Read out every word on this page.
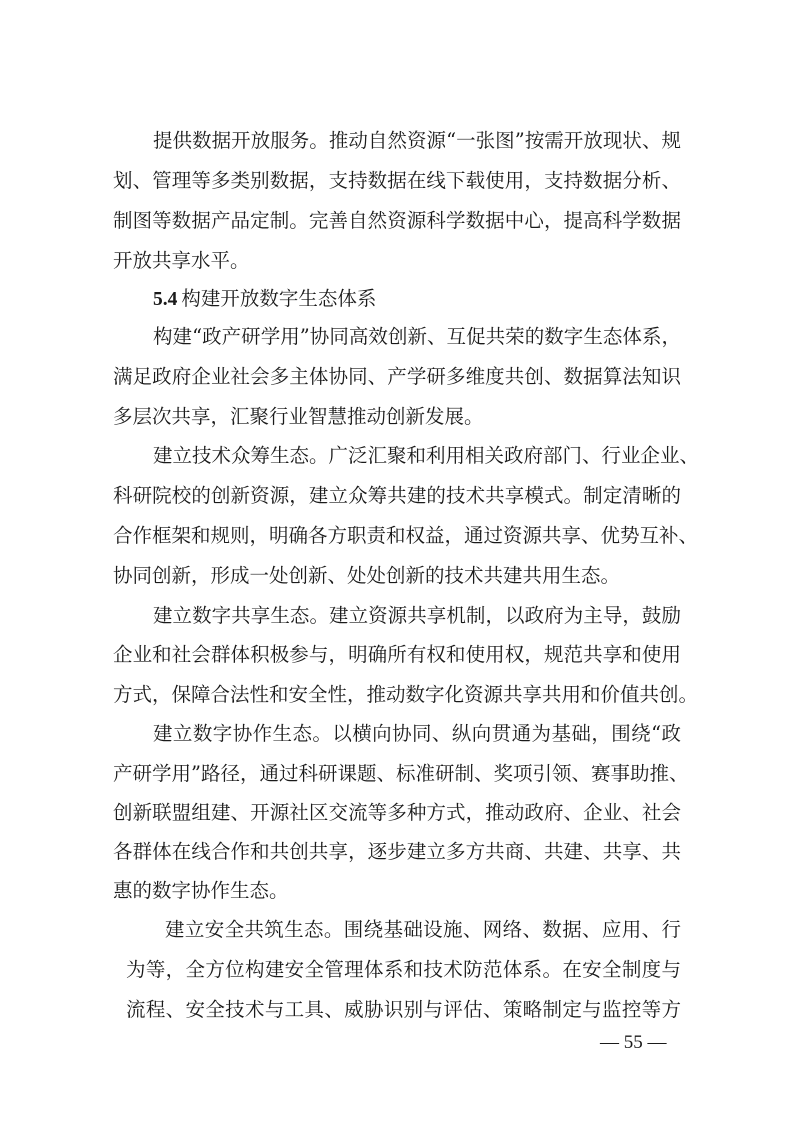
提供数据开放服务。推动自然资源“一张图”按需开放现状、规
划、管理等多类别数据，支持数据在线下载使用，支持数据分析、
制图等数据产品定制。完善自然资源科学数据中心，提高科学数据
开放共享水平。
5.4 构建开放数字生态体系
构建“政产研学用”协同高效创新、互促共荣的数字生态体系，
满足政府企业社会多主体协同、产学研多维度共创、数据算法知识
多层次共享，汇聚行业智慧推动创新发展。
建立技术众筹生态。广泛汇聚和利用相关政府部门、行业企业、
科研院校的创新资源，建立众筹共建的技术共享模式。制定清晰的
合作框架和规则，明确各方职责和权益，通过资源共享、优势互补、
协同创新，形成一处创新、处处创新的技术共建共用生态。
建立数字共享生态。建立资源共享机制，以政府为主导，鼓励
企业和社会群体积极参与，明确所有权和使用权，规范共享和使用
方式，保障合法性和安全性，推动数字化资源共享共用和价值共创。
建立数字协作生态。以横向协同、纵向贯通为基础，围绕“政
产研学用”路径，通过科研课题、标准研制、奖项引领、赛事助推、
创新联盟组建、开源社区交流等多种方式，推动政府、企业、社会
各群体在线合作和共创共享，逐步建立多方共商、共建、共享、共
惠的数字协作生态。
建立安全共筑生态。围绕基础设施、网络、数据、应用、行
为等，全方位构建安全管理体系和技术防范体系。在安全制度与
流程、安全技术与工具、威胁识别与评估、策略制定与监控等方
— 55 —
